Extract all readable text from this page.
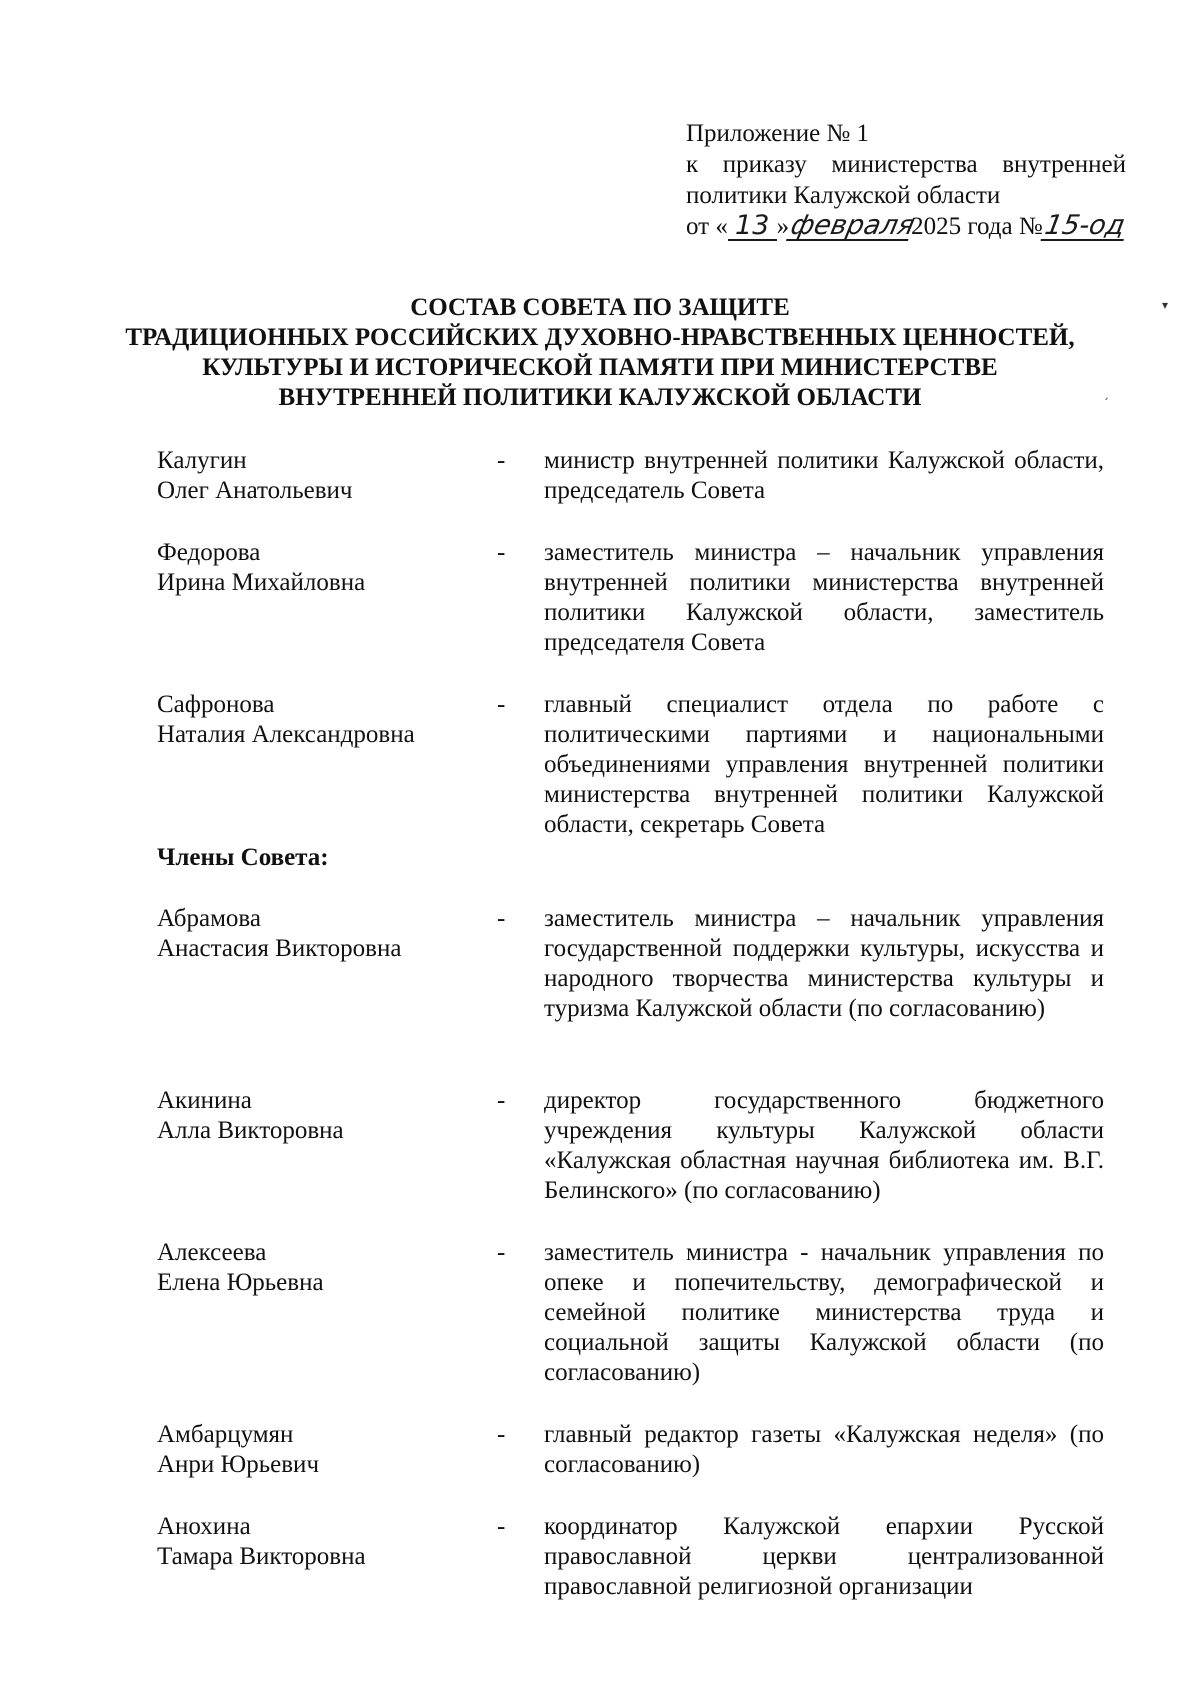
Приложение № 1
к приказу министерства внутренней
политики Калужской области
от « 13 » февраля
2025 года № 15-од
СОСТАВ СОВЕТА ПО ЗАЩИТЕ
ТРАДИЦИОННЫХ РОССИЙСКИХ ДУХОВНО-НРАВСТВЕННЫХ ЦЕННОСТЕЙ,
КУЛЬТУРЫ И ИСТОРИЧЕСКОЙ ПАМЯТИ ПРИ МИНИСТЕРСТВЕ
ВНУТРЕННЕЙ ПОЛИТИКИ КАЛУЖСКОЙ ОБЛАСТИ
▾
ˏ
Калугин
Олег Анатольевич
- министр внутренней политики Калужской области, председатель Совета
Федорова
Ирина Михайловна
- заместитель министра – начальник управления внутренней политики министерства внутренней политики Калужской области, заместитель председателя Совета
Сафронова
Наталия Александровна
- главный специалист отдела по работе с политическими партиями и национальными объединениями управления внутренней политики министерства внутренней политики Калужской области, секретарь Совета
Члены Совета:
Абрамова
Анастасия Викторовна
- заместитель министра – начальник управления государственной поддержки культуры, искусства и народного творчества министерства культуры и туризма Калужской области (по согласованию)
Акинина
Алла Викторовна
- директор государственного бюджетного учреждения культуры Калужской области «Калужская областная научная библиотека им. В.Г. Белинского» (по согласованию)
Алексеева
Елена Юрьевна
- заместитель министра - начальник управления по опеке и попечительству, демографической и семейной политике министерства труда и социальной защиты Калужской области (по согласованию)
Амбарцумян
Анри Юрьевич
- главный редактор газеты «Калужская неделя» (по согласованию)
Анохина
Тамара Викторовна
- координатор Калужской епархии Русской православной церкви централизованной православной религиозной организации
